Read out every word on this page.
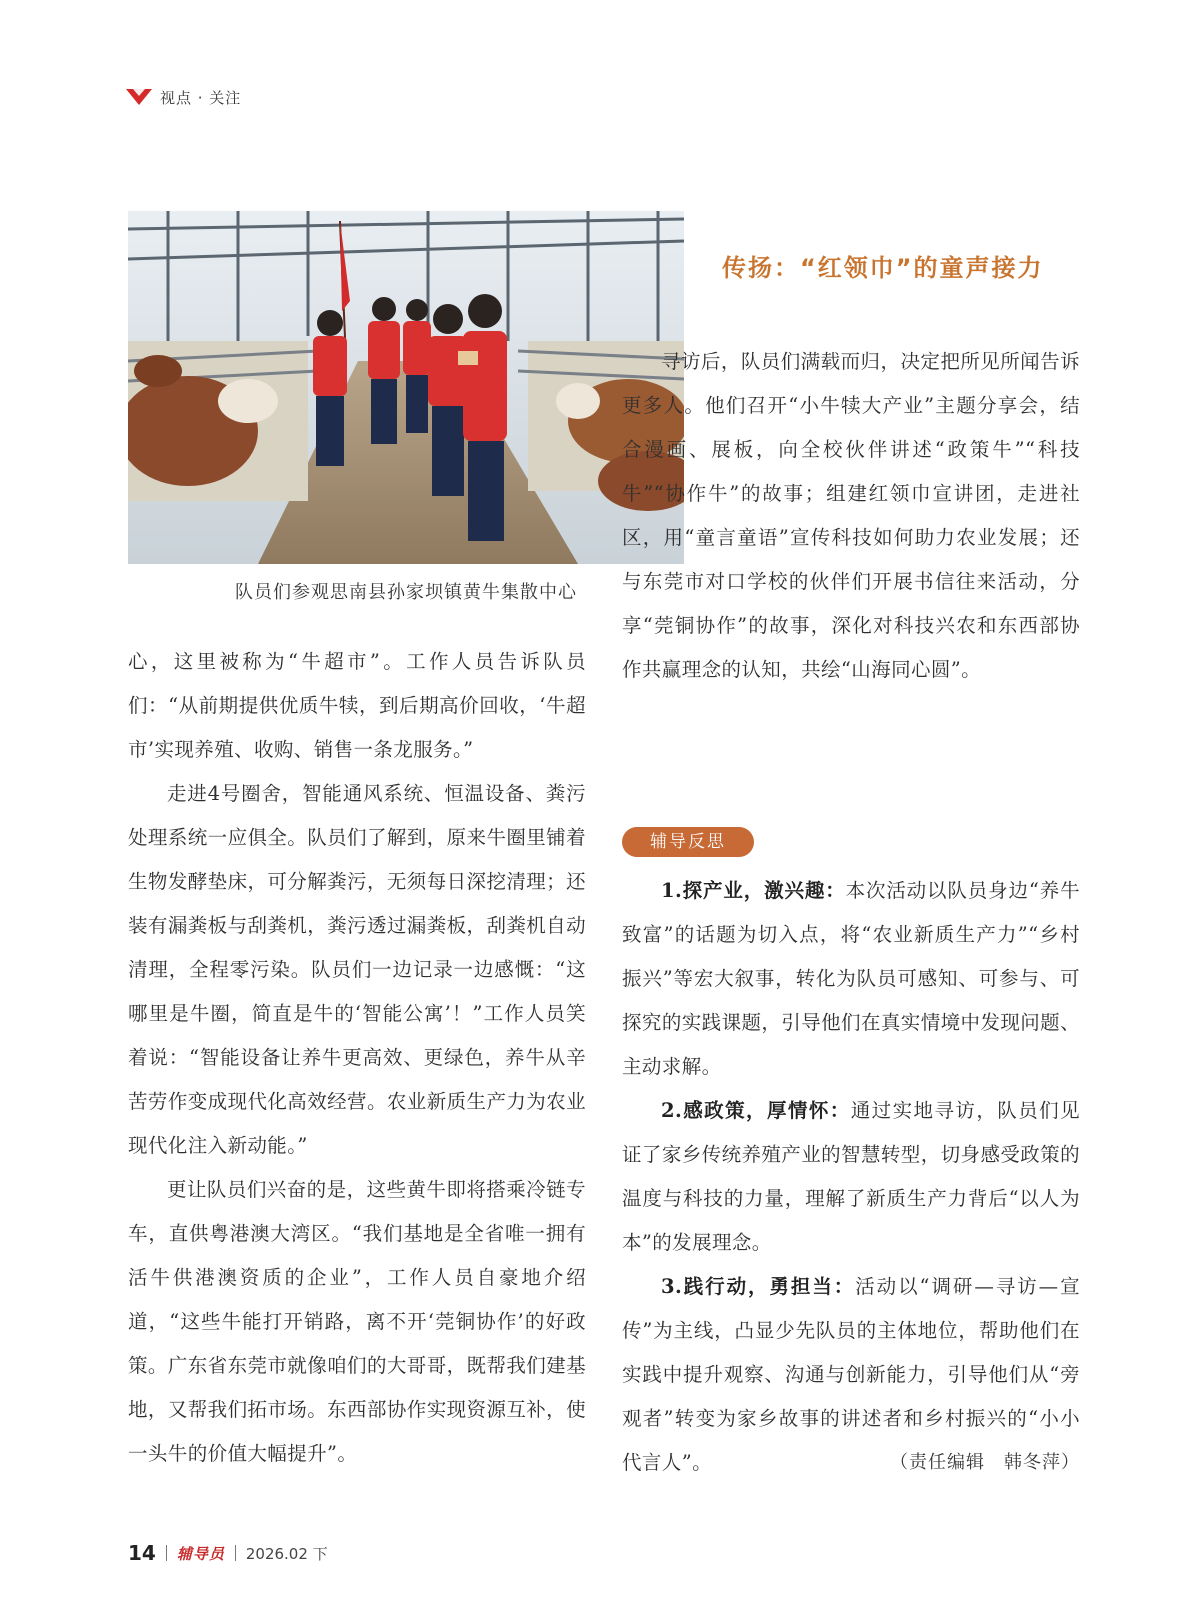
视点 · 关注
队员们参观思南县孙家坝镇黄牛集散中心
传扬：“红领巾”的童声接力

寻访后，队员们满载而归，决定把所见所闻告诉更多人。他们召开“小牛犊大产业”主题分享会，结合漫画、展板，向全校伙伴讲述“政策牛”“科技牛”“协作牛”的故事；组建红领巾宣讲团，走进社区，用“童言童语”宣传科技如何助力农业发展；还与东莞市对口学校的伙伴们开展书信往来活动，分享“莞铜协作”的故事，深化对科技兴农和东西部协作共赢理念的认知，共绘“山海同心圆”。

心，这里被称为“牛超市”。工作人员告诉队员们：“从前期提供优质牛犊，到后期高价回收，‘牛超市’实现养殖、收购、销售一条龙服务。”

走进4号圈舍，智能通风系统、恒温设备、粪污处理系统一应俱全。队员们了解到，原来牛圈里铺着生物发酵垫床，可分解粪污，无须每日深挖清理；还装有漏粪板与刮粪机，粪污透过漏粪板，刮粪机自动清理，全程零污染。队员们一边记录一边感慨：“这哪里是牛圈，简直是牛的‘智能公寓’！”工作人员笑着说：“智能设备让养牛更高效、更绿色，养牛从辛苦劳作变成现代化高效经营。农业新质生产力为农业现代化注入新动能。”

更让队员们兴奋的是，这些黄牛即将搭乘冷链专车，直供粤港澳大湾区。“我们基地是全省唯一拥有活牛供港澳资质的企业”，工作人员自豪地介绍道，“这些牛能打开销路，离不开‘莞铜协作’的好政策。广东省东莞市就像咱们的大哥哥，既帮我们建基地，又帮我们拓市场。东西部协作实现资源互补，使一头牛的价值大幅提升”。

辅导反思

1.探产业，激兴趣：本次活动以队员身边“养牛致富”的话题为切入点，将“农业新质生产力”“乡村振兴”等宏大叙事，转化为队员可感知、可参与、可探究的实践课题，引导他们在真实情境中发现问题、主动求解。

2.感政策，厚情怀：通过实地寻访，队员们见证了家乡传统养殖产业的智慧转型，切身感受政策的温度与科技的力量，理解了新质生产力背后“以人为本”的发展理念。

3.践行动，勇担当：活动以“调研—寻访—宣传”为主线，凸显少先队员的主体地位，帮助他们在实践中提升观察、沟通与创新能力，引导他们从“旁观者”转变为家乡故事的讲述者和乡村振兴的“小小代言人”。	（责任编辑　韩冬萍）

14 辅导员 2026.02 下
